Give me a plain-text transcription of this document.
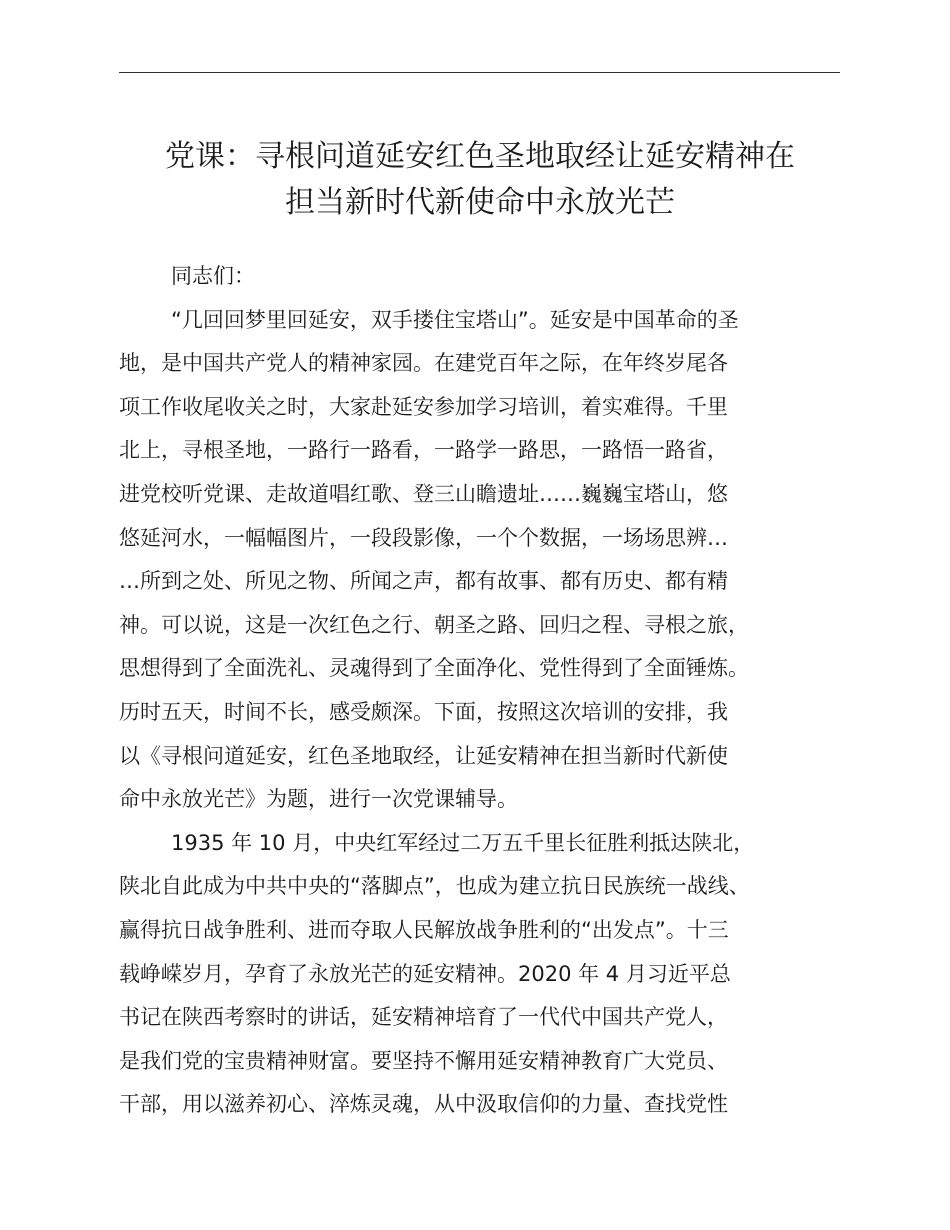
党课：寻根问道延安红色圣地取经让延安精神在
担当新时代新使命中永放光芒
同志们：
“几回回梦里回延安，双手搂住宝塔山”。延安是中国革命的圣
地，是中国共产党人的精神家园。在建党百年之际，在年终岁尾各
项工作收尾收关之时，大家赴延安参加学习培训，着实难得。千里
北上，寻根圣地，一路行一路看，一路学一路思，一路悟一路省，
进党校听党课、走故道唱红歌、登三山瞻遗址……巍巍宝塔山，悠
悠延河水，一幅幅图片，一段段影像，一个个数据，一场场思辨…
…所到之处、所见之物、所闻之声，都有故事、都有历史、都有精
神。可以说，这是一次红色之行、朝圣之路、回归之程、寻根之旅，
思想得到了全面洗礼、灵魂得到了全面净化、党性得到了全面锤炼。
历时五天，时间不长，感受颇深。下面，按照这次培训的安排，我
以《寻根问道延安，红色圣地取经，让延安精神在担当新时代新使
命中永放光芒》为题，进行一次党课辅导。
1935 年 10 月，中央红军经过二万五千里长征胜利抵达陕北，
陕北自此成为中共中央的“落脚点”，也成为建立抗日民族统一战线、
赢得抗日战争胜利、进而夺取人民解放战争胜利的“出发点”。十三
载峥嵘岁月，孕育了永放光芒的延安精神。2020 年 4 月习近平总
书记在陕西考察时的讲话，延安精神培育了一代代中国共产党人，
是我们党的宝贵精神财富。要坚持不懈用延安精神教育广大党员、
干部，用以滋养初心、淬炼灵魂，从中汲取信仰的力量、查找党性
